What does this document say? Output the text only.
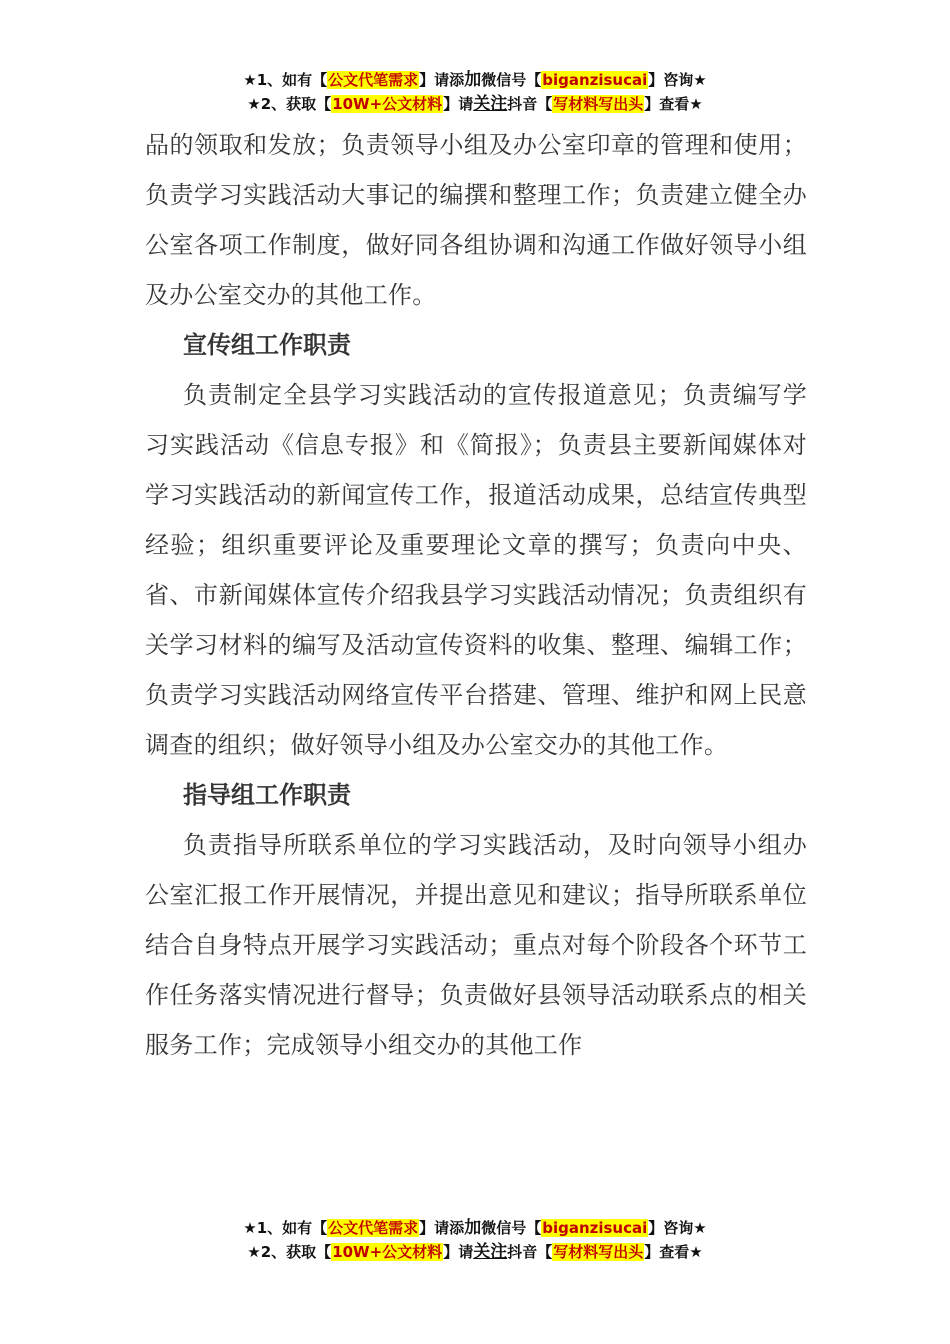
★1、如有【公文代笔需求】请添加微信号【biganzisucai】咨询★
★2、获取【10W+公文材料】请关注抖音【写材料写出头】查看★

品的领取和发放；负责领导小组及办公室印章的管理和使用；负责学习实践活动大事记的编撰和整理工作；负责建立健全办公室各项工作制度，做好同各组协调和沟通工作做好领导小组及办公室交办的其他工作。

宣传组工作职责

负责制定全县学习实践活动的宣传报道意见；负责编写学习实践活动《信息专报》和《简报》；负责县主要新闻媒体对学习实践活动的新闻宣传工作，报道活动成果，总结宣传典型经验；组织重要评论及重要理论文章的撰写；负责向中央、省、市新闻媒体宣传介绍我县学习实践活动情况；负责组织有关学习材料的编写及活动宣传资料的收集、整理、编辑工作；负责学习实践活动网络宣传平台搭建、管理、维护和网上民意调查的组织；做好领导小组及办公室交办的其他工作。

指导组工作职责

负责指导所联系单位的学习实践活动，及时向领导小组办公室汇报工作开展情况，并提出意见和建议；指导所联系单位结合自身特点开展学习实践活动；重点对每个阶段各个环节工作任务落实情况进行督导；负责做好县领导活动联系点的相关服务工作；完成领导小组交办的其他工作

★1、如有【公文代笔需求】请添加微信号【biganzisucai】咨询★
★2、获取【10W+公文材料】请关注抖音【写材料写出头】查看★
